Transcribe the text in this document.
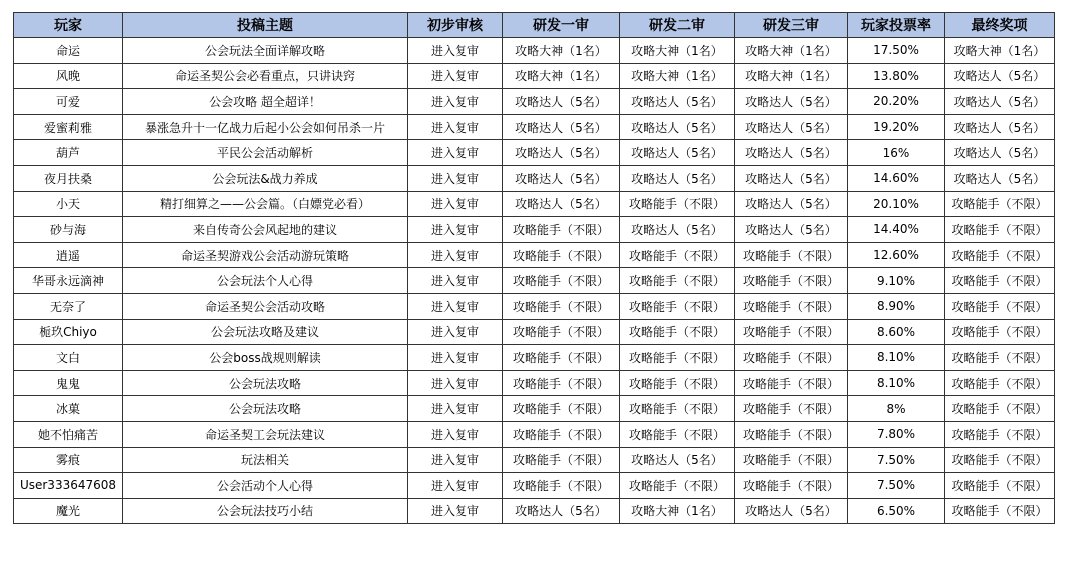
玩家	投稿主题	初步审核	研发一审	研发二审	研发三审	玩家投票率	最终奖项
命运	公会玩法全面详解攻略	进入复审	攻略大神（1名）	攻略大神（1名）	攻略大神（1名）	17.50%	攻略大神（1名）
风晚	命运圣契公会必看重点，只讲诀窍	进入复审	攻略大神（1名）	攻略大神（1名）	攻略大神（1名）	13.80%	攻略达人（5名）
可爱	公会攻略 超全超详！	进入复审	攻略达人（5名）	攻略达人（5名）	攻略达人（5名）	20.20%	攻略达人（5名）
爱蜜莉雅	暴涨急升十一亿战力后起小公会如何吊杀一片	进入复审	攻略达人（5名）	攻略达人（5名）	攻略达人（5名）	19.20%	攻略达人（5名）
葫芦	平民公会活动解析	进入复审	攻略达人（5名）	攻略达人（5名）	攻略达人（5名）	16%	攻略达人（5名）
夜月扶桑	公会玩法&战力养成	进入复审	攻略达人（5名）	攻略达人（5名）	攻略达人（5名）	14.60%	攻略达人（5名）
小天	精打细算之——公会篇。（白嫖党必看）	进入复审	攻略达人（5名）	攻略能手（不限）	攻略达人（5名）	20.10%	攻略能手（不限）
砂与海	来自传奇公会风起地的建议	进入复审	攻略能手（不限）	攻略达人（5名）	攻略达人（5名）	14.40%	攻略能手（不限）
逍遥	命运圣契游戏公会活动游玩策略	进入复审	攻略能手（不限）	攻略能手（不限）	攻略能手（不限）	12.60%	攻略能手（不限）
华哥永远滴神	公会玩法个人心得	进入复审	攻略能手（不限）	攻略能手（不限）	攻略能手（不限）	9.10%	攻略能手（不限）
无奈了	命运圣契公会活动攻略	进入复审	攻略能手（不限）	攻略能手（不限）	攻略能手（不限）	8.90%	攻略能手（不限）
栀玖Chiyo	公会玩法攻略及建议	进入复审	攻略能手（不限）	攻略能手（不限）	攻略能手（不限）	8.60%	攻略能手（不限）
文白	公会boss战规则解读	进入复审	攻略能手（不限）	攻略能手（不限）	攻略能手（不限）	8.10%	攻略能手（不限）
鬼鬼	公会玩法攻略	进入复审	攻略能手（不限）	攻略能手（不限）	攻略能手（不限）	8.10%	攻略能手（不限）
冰菓	公会玩法攻略	进入复审	攻略能手（不限）	攻略能手（不限）	攻略能手（不限）	8%	攻略能手（不限）
她不怕痛苦	命运圣契工会玩法建议	进入复审	攻略能手（不限）	攻略能手（不限）	攻略能手（不限）	7.80%	攻略能手（不限）
雾痕	玩法相关	进入复审	攻略能手（不限）	攻略达人（5名）	攻略能手（不限）	7.50%	攻略能手（不限）
User333647608	公会活动个人心得	进入复审	攻略能手（不限）	攻略能手（不限）	攻略能手（不限）	7.50%	攻略能手（不限）
魔光	公会玩法技巧小结	进入复审	攻略达人（5名）	攻略大神（1名）	攻略达人（5名）	6.50%	攻略能手（不限）
